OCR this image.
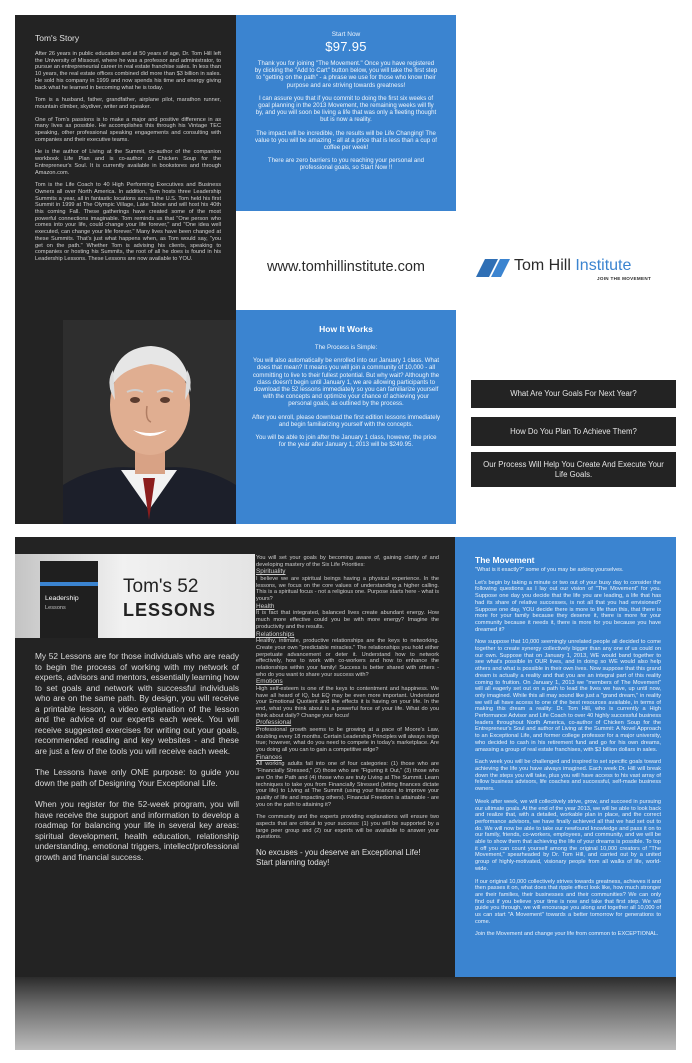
Tom's Story

After 26 years in public education and at 50 years of age, Dr. Tom Hill left the University of Missouri, where he was a professor and administrator, to pursue an entrepreneurial career in real estate franchise sales. In less than 10 years, the real estate offices combined did more than $3 billion in sales. He sold his company in 1999 and now spends his time and energy giving back what he learned in becoming what he is today.

Tom is a husband, father, grandfather, airplane pilot, marathon runner, mountain climber, skydiver, writer and speaker.

One of Tom's passions is to make a major and positive difference in as many lives as possible. He accomplishes this through his Vintage TEC speaking, other professional speaking engagements and consulting with companies and their executive teams.

He is the author of Living at the Summit, co-author of the companion workbook Life Plan and is co-author of Chicken Soup for the Entrepreneur's Soul. It is currently available in bookstores and through Amazon.com.

Tom is the Life Coach to 40 High Performing Executives and Business Owners all over North America. In addition, Tom hosts three Leadership Summits a year, all in fantastic locations across the U.S. Tom held his first Summit in 1999 at The Olympic Village, Lake Tahoe and will host his 40th this coming Fall. These gatherings have created some of the most powerful connections imaginable. Tom reminds us that "One person who comes into your life, could change your life forever," and "One idea well executed, can change your life forever." Many lives have been changed at these Summits. That's just what happens when, as Tom would say, "you get on the path." Whether Tom is advising his clients, speaking to companies or hosting his Summits, the root of all he does is found in his Leadership Lessons. These Lessons are now available to YOU.

Start Now
$97.95

Thank you for joining "The Movement." Once you have registered by clicking the "Add to Cart" button below, you will take the first step to "getting on the path" - a phrase we use for those who know their purpose and are striving towards greatness!

I can assure you that if you commit to doing the first six weeks of goal planning in the 2013 Movement, the remaining weeks will fly by, and you will soon be living a life that was only a fleeting thought but is now a reality.

The impact will be incredible, the results will be Life Changing! The value to you will be amazing - all at a price that is less than a cup of coffee per week!

There are zero barriers to you reaching your personal and professional goals, so Start Now !!

www.tomhillinstitute.com
How It Works

The Process is Simple:

You will also automatically be enrolled into our January 1 class. What does that mean? It means you will join a community of 10,000 - all committing to live to their fullest potential. But why wait? Although the class doesn't begin until January 1, we are allowing participants to download the 52 lessons immediately so you can familiarize yourself with the concepts and optimize your chance of achieving your personal goals, as outlined by the process.

After you enroll, please download the first edition lessons immediately and begin familiarizing yourself with the concepts.

You will be able to join after the January 1 class, however, the price for the year after January 1, 2013 will be $249.95.

Tom Hill Institute
JOIN THE MOVEMENT
What Are Your Goals For Next Year?
How Do You Plan To Achieve Them?
Our Process Will Help You Create And Execute Your Life Goals.
Leadership
Lessons
Tom's 52
LESSONS

My 52 Lessons are for those individuals who are ready to begin the process of working with my network of experts, advisors and mentors, essentially learning how to set goals and network with successful individuals who are on the same path. By design, you will receive a printable lesson, a video explanation of the lesson and the advice of our experts each week. You will receive suggested exercises for writing out your goals, recommended reading and key websites - and these are just a few of the tools you will receive each week.

The Lessons have only ONE purpose: to guide you down the path of Designing Your Exceptional Life.

When you register for the 52-week program, you will have receive the support and information to develop a roadmap for balancing your life in several key areas: spiritual development, health education, relationship understanding, emotional triggers, intellect/professional growth and financial success.

You will set your goals by becoming aware of, gaining clarity of and developing mastery of the Six Life Priorities:

Spirituality

I believe we are spiritual beings having a physical experience. In the lessons, we focus on the core values of understanding a higher calling. This is a spiritual focus - not a religious one. Purpose starts here - what is yours?

Health

It is fact that integrated, balanced lives create abundant energy. How much more effective could you be with more energy? Imagine the productivity and the results.

Relationships

Healthy, intimate, productive relationships are the keys to networking. Create your own "predictable miracles." The relationships you hold either perpetuate advancement or deter it. Understand how to network effectively, how to work with co-workers and how to enhance the relationships within your family! Success is better shared with others - who do you want to share your success with?

Emotions

High self-esteem is one of the keys to contentment and happiness. We have all heard of IQ, but EQ may be even more important. Understand your Emotional Quotient and the effects it is having on your life. In the end, what you think about is a powerful force of your life. What do you think about daily? Change your focus!

Professional

Professional growth seems to be growing at a pace of Moore's Law, doubling every 18 months. Certain Leadership Principles will always reign true; however, what do you need to compete in today's marketplace. Are you doing all you can to gain a competitive edge?

Finances

All working adults fall into one of four categories: (1) those who are "Financially Stressed," (2) those who are "Figuring it Out," (3) those who are On the Path and (4) those who are truly Living at The Summit. Learn techniques to take you from Financially Stressed (letting finances dictate your life) to Living at The Summit (using your finances to improve your quality of life and impacting others). Financial Freedom is attainable - are you on the path to attaining it?

The community and the experts providing explanations will ensure two aspects that are critical to your success: (1) you will be supported by a large peer group and (2) our experts will be available to answer your questions.

No excuses - you deserve an Exceptional Life! Start planning today!

The Movement

"What is it exactly?" some of you may be asking yourselves.

Let's begin by taking a minute or two out of your busy day to consider the following questions as I lay out our vision of "The Movement" for you. Suppose one day you decide that the life you are leading, a life that has had its share of relative successes, is not all that you had envisioned? Suppose one day, YOU decide there is more to life than this, that there is more for your family because they deserve it, there is more for your community because it needs it, there is more for you because you have dreamed it?

Now suppose that 10,000 seemingly unrelated people all decided to come together to create synergy collectively bigger than any one of us could on our own. Suppose that on January 1, 2013, WE would band together to see what's possible in OUR lives, and in doing so WE would also help others and what is possible in their own lives. Now suppose that this grand dream is actually a reality and that you are an integral part of this reality coming to fruition. On January 1, 2013 we "members of The Movement" will all eagerly set out on a path to lead the lives we have, up until now, only imagined. While this all may sound like just a "grand dream," in reality we will all have access to one of the best resources available, in terms of making this dream a reality: Dr. Tom Hill, who is currently a High Performance Advisor and Life Coach to over 40 highly successful business leaders throughout North America, co-author of Chicken Soup for the Entrepreneur's Soul and author of Living at the Summit: A Novel Approach to an Exceptional Life, and former college professor for a major university, who decided to cash in his retirement fund and go for his own dreams, amassing a group of real estate franchises, with $3 billion dollars in sales.

Each week you will be challenged and inspired to set specific goals toward achieving the life you have always imagined. Each week Dr. Hill will break down the steps you will take, plus you will have access to his vast array of fellow business advisors, life coaches and successful, self-made business owners.

Week after week, we will collectively strive, grow, and succeed in pursuing our ultimate goals. At the end of the year 2013, we will be able to look back and realize that, with a detailed, workable plan in place, and the correct performance advisors, we have finally achieved all that we had set out to do. We will now be able to take our newfound knowledge and pass it on to our family, friends, co-workers, employees, and community, and we will be able to show them that achieving the life of your dreams is possible. To top it off you can count yourself among the original 10,000 creators of "The Movement," spearheaded by Dr. Tom Hill, and carried out by a united group of highly-motivated, visionary people from all walks of life, world-wide.

If our original 10,000 collectively strives towards greatness, achieves it and then passes it on, what does that ripple effect look like, how much stronger are their families, their businesses and their communities? We can only find out if you believe your time is now and take that first step. We will guide you through, we will encourage you along and together all 10,000 of us can start "A Movement" towards a better tomorrow for generations to come.

Join the Movement and change your life from common to EXCEPTIONAL.
